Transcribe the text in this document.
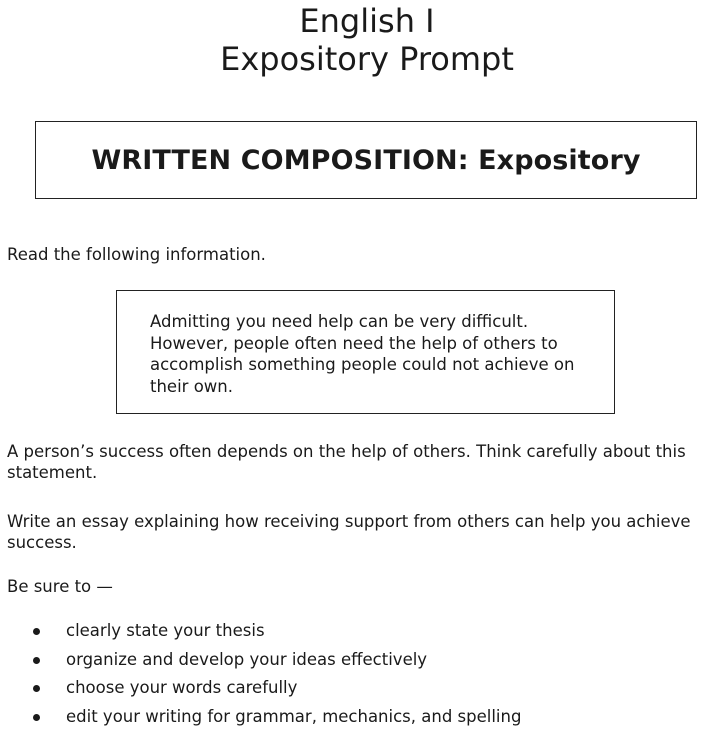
English I
Expository Prompt
WRITTEN COMPOSITION: Expository
Read the following information.

Admitting you need help can be very difficult. However, people often need the help of others to accomplish something people could not achieve on their own.

A person’s success often depends on the help of others. Think carefully about this statement.
Write an essay explaining how receiving support from others can help you achieve success.
Be sure to —
clearly state your thesis
organize and develop your ideas effectively
choose your words carefully
edit your writing for grammar, mechanics, and spelling
